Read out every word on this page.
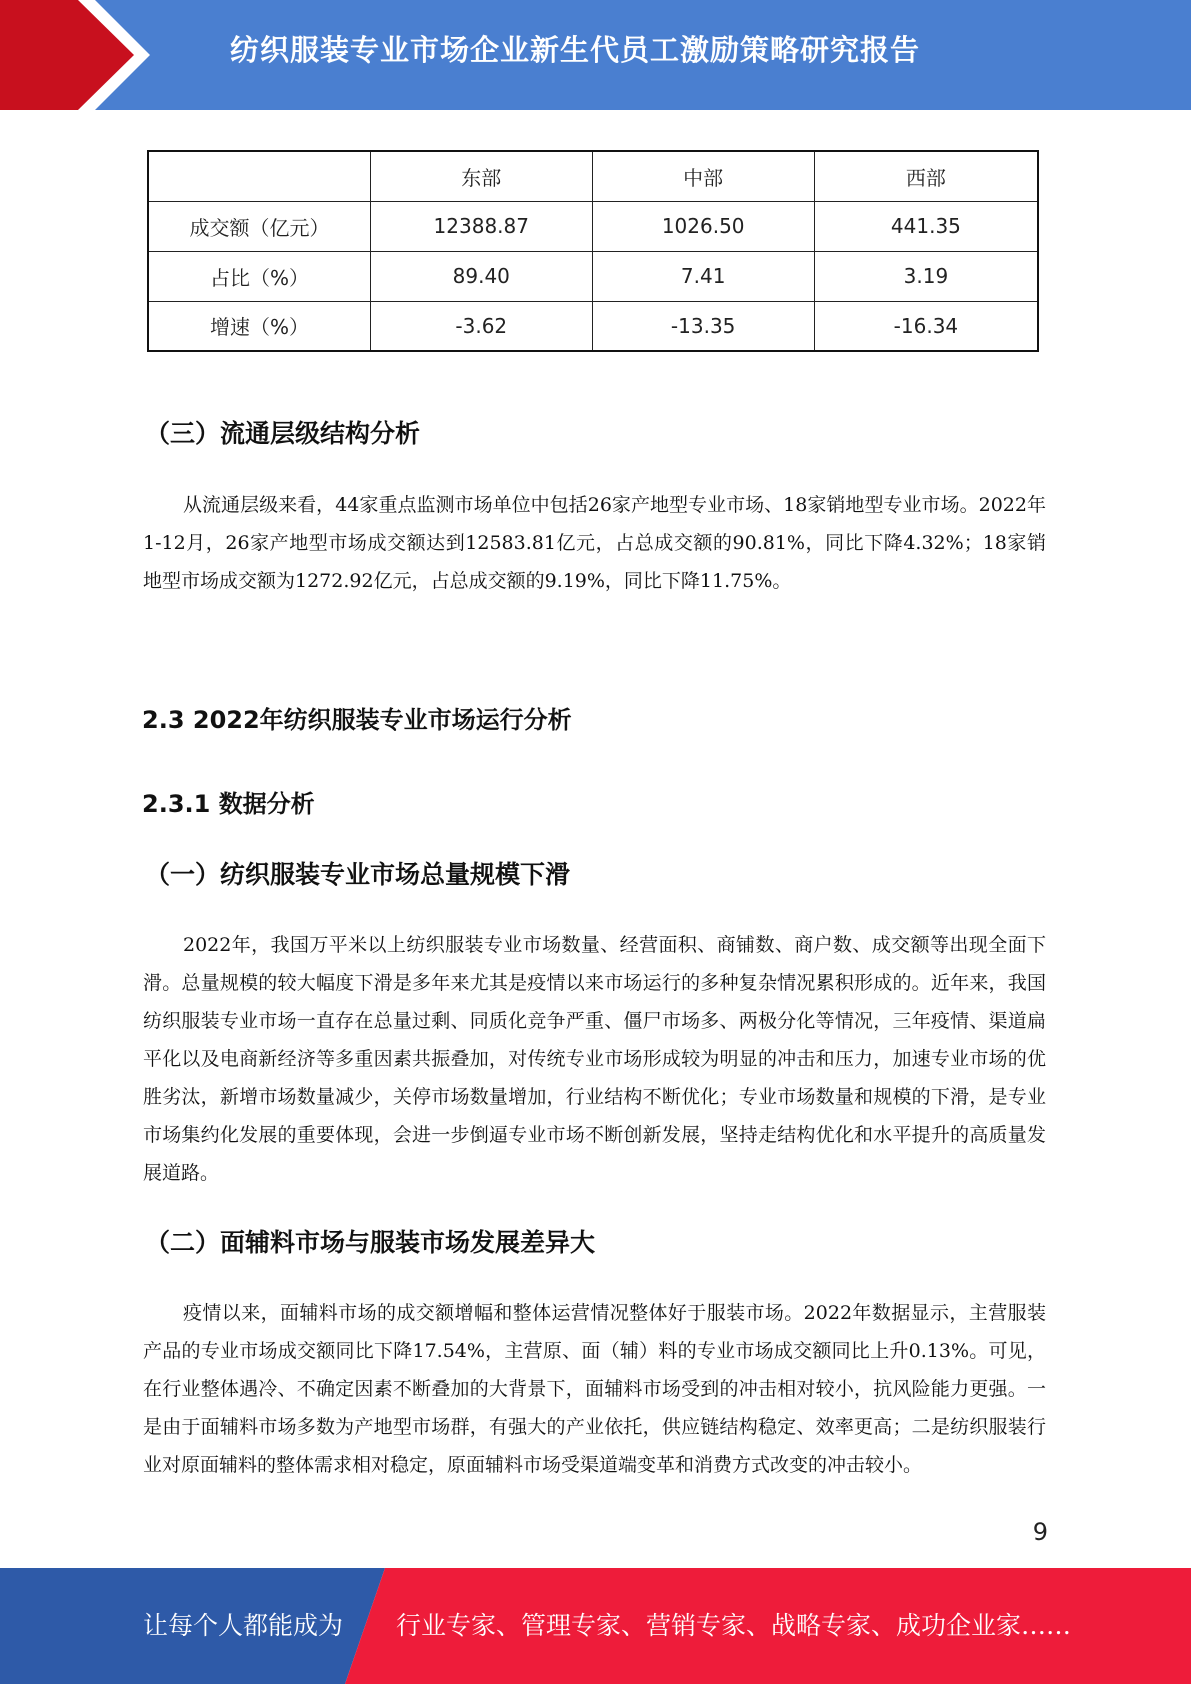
纺织服装专业市场企业新生代员工激励策略研究报告
	东部	中部	西部
成交额（亿元）	12388.87	1026.50	441.35
占比（%）	89.40	7.41	3.19
增速（%）	-3.62	-13.35	-16.34
（三）流通层级结构分析

从流通层级来看，44家重点监测市场单位中包括26家产地型专业市场、18家销地型专业市场。2022年1-12月，26家产地型市场成交额达到12583.81亿元，占总成交额的90.81%，同比下降4.32%；18家销地型市场成交额为1272.92亿元，占总成交额的9.19%，同比下降11.75%。

2.3 2022年纺织服装专业市场运行分析
2.3.1 数据分析
（一）纺织服装专业市场总量规模下滑

2022年，我国万平米以上纺织服装专业市场数量、经营面积、商铺数、商户数、成交额等出现全面下滑。总量规模的较大幅度下滑是多年来尤其是疫情以来市场运行的多种复杂情况累积形成的。近年来，我国纺织服装专业市场一直存在总量过剩、同质化竞争严重、僵尸市场多、两极分化等情况，三年疫情、渠道扁平化以及电商新经济等多重因素共振叠加，对传统专业市场形成较为明显的冲击和压力，加速专业市场的优胜劣汰，新增市场数量减少，关停市场数量增加，行业结构不断优化；专业市场数量和规模的下滑，是专业市场集约化发展的重要体现，会进一步倒逼专业市场不断创新发展，坚持走结构优化和水平提升的高质量发展道路。

（二）面辅料市场与服装市场发展差异大

疫情以来，面辅料市场的成交额增幅和整体运营情况整体好于服装市场。2022年数据显示，主营服装产品的专业市场成交额同比下降17.54%，主营原、面（辅）料的专业市场成交额同比上升0.13%。可见，在行业整体遇冷、不确定因素不断叠加的大背景下，面辅料市场受到的冲击相对较小，抗风险能力更强。一是由于面辅料市场多数为产地型市场群，有强大的产业依托，供应链结构稳定、效率更高；二是纺织服装行业对原面辅料的整体需求相对稳定，原面辅料市场受渠道端变革和消费方式改变的冲击较小。

9
让每个人都能成为 行业专家、管理专家、营销专家、战略专家、成功企业家……
